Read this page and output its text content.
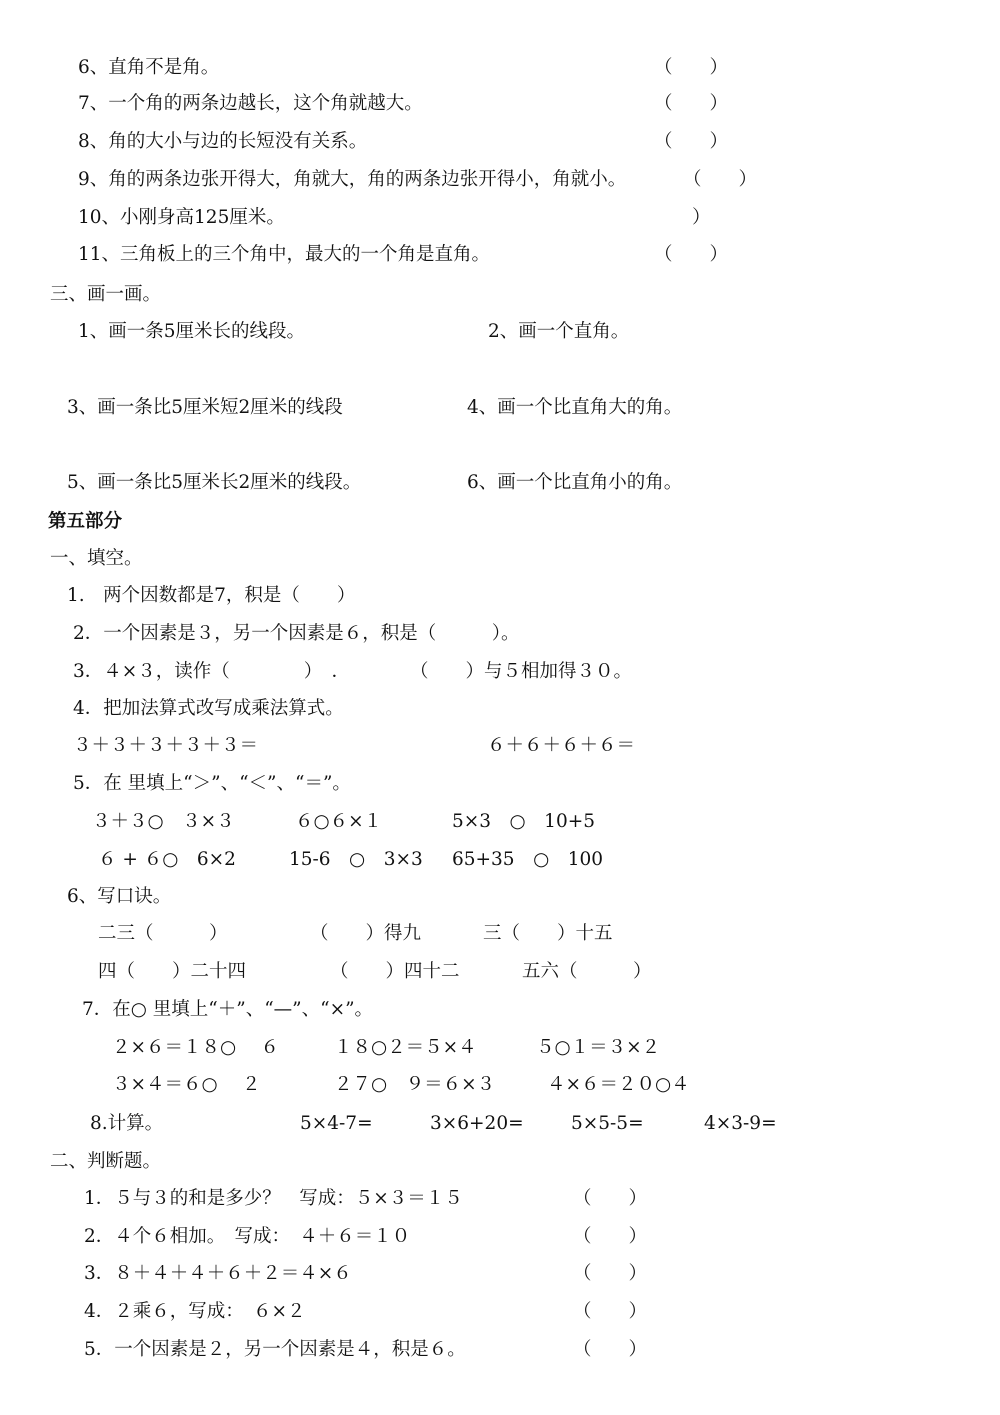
6、直角不是角。	（　　）
7、一个角的两条边越长，这个角就越大。	（　　）
8、角的大小与边的长短没有关系。	（　　）
9、角的两条边张开得大，角就大，角的两条边张开得小，角就小。	（　　）
10、小刚身高125厘米。	）
11、三角板上的三个角中，最大的一个角是直角。	（　　）
三、画一画。
1、画一条5厘米长的线段。	2、画一个直角。
3、画一条比5厘米短2厘米的线段	4、画一个比直角大的角。
5、画一条比5厘米长2厘米的线段。	6、画一个比直角小的角。
第五部分
一、填空。
1.　两个因数都是7，积是（　　）
2．一个因素是３，另一个因素是６，积是（　　　）。
3．４×３，读作（　　　　）　．	（　　）与５相加得３０。
4．把加法算式改写成乘法算式。
３＋３＋３＋３＋３＝	６＋６＋６＋６＝
5．在 里填上“＞”、“＜”、“＝”。
３＋３○　３×３	６○６×１	5×3　○　10+5
６ + ６○　6×2	15-6　○　3×3 65+35　○　100
6、写口诀。
二三（　　　）	（　　）得九	三（　　）十五
四（　　）二十四	（　　）四十二	五六（　　　）
7．在○ 里填上“＋”、“—”、“×”。
２×６＝１８○　 ６	１８○２＝５×４	５○１＝３×２
３×４＝６○　 ２	２７○　９＝６×３	４×６＝２０○４
8.计算。	5×4-7=	3×6+20=	5×5-5=	4×3-9=
二、判断题。
1．５与３的和是多少？　写成：５×３＝１５	（　　）
2．４个６相加。　写成：　４＋６＝１０	（　　）
3．８＋４＋４＋６＋２＝４×６	（　　）
4．２乘６，写成：　６×２	（　　）
5．一个因素是２，另一个因素是４，积是６。	（　　）
